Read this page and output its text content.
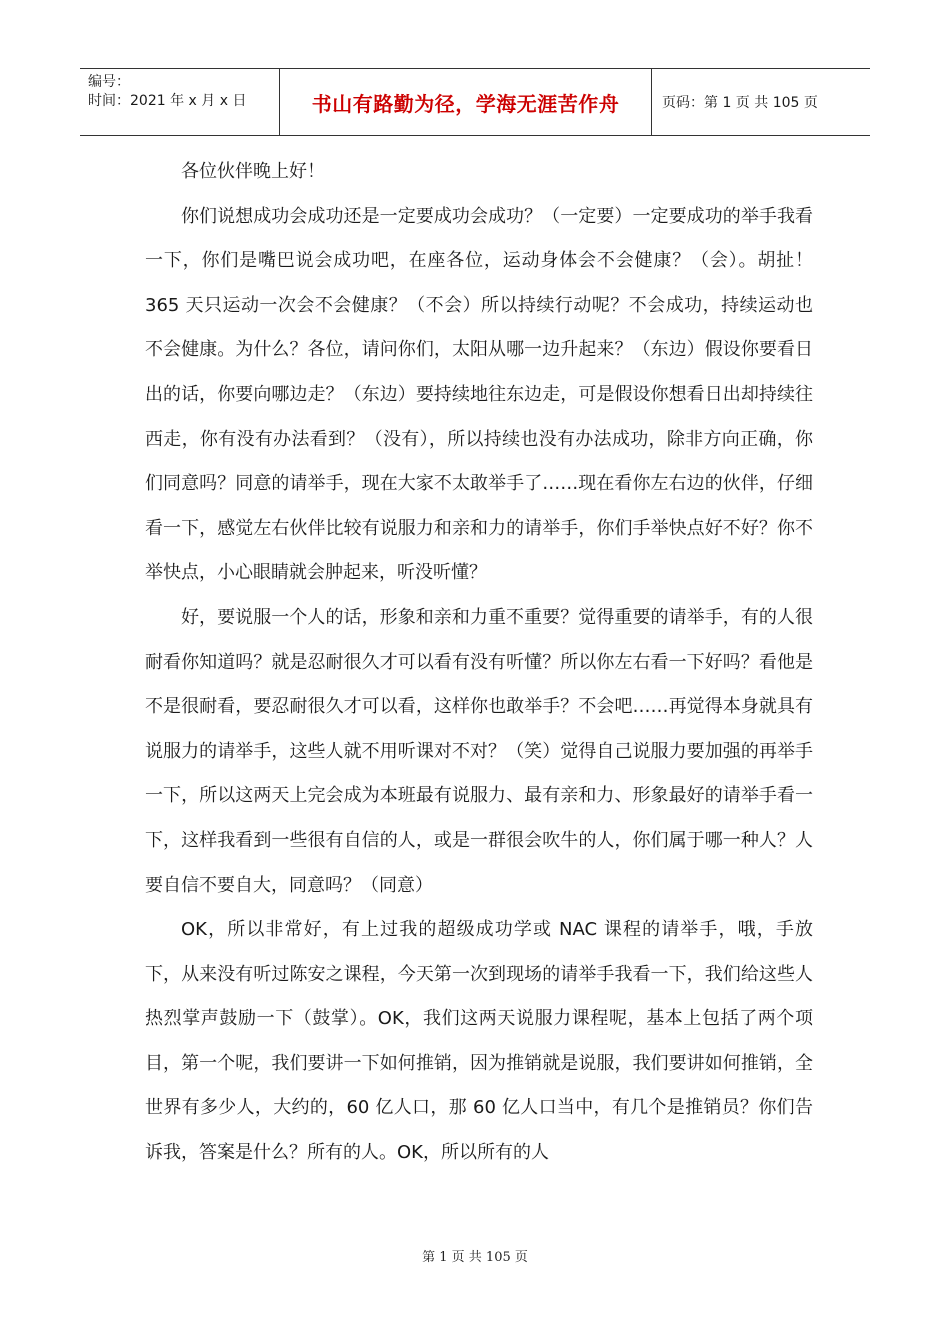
编号：
时间：2021 年 x 月 x 日	书山有路勤为径，学海无涯苦作舟	页码：第 1 页 共 105 页

各位伙伴晚上好！

你们说想成功会成功还是一定要成功会成功？（一定要）一定要成功的举手我看一下，你们是嘴巴说会成功吧，在座各位，运动身体会不会健康？（会）。胡扯！365 天只运动一次会不会健康？（不会）所以持续行动呢？不会成功，持续运动也不会健康。为什么？各位，请问你们，太阳从哪一边升起来？（东边）假设你要看日出的话，你要向哪边走？（东边）要持续地往东边走，可是假设你想看日出却持续往西走，你有没有办法看到？（没有），所以持续也没有办法成功，除非方向正确，你们同意吗？同意的请举手，现在大家不太敢举手了……现在看你左右边的伙伴，仔细看一下，感觉左右伙伴比较有说服力和亲和力的请举手，你们手举快点好不好？你不举快点，小心眼睛就会肿起来，听没听懂？

好，要说服一个人的话，形象和亲和力重不重要？觉得重要的请举手，有的人很耐看你知道吗？就是忍耐很久才可以看有没有听懂？所以你左右看一下好吗？看他是不是很耐看，要忍耐很久才可以看，这样你也敢举手？不会吧……再觉得本身就具有说服力的请举手，这些人就不用听课对不对？（笑）觉得自己说服力要加强的再举手一下，所以这两天上完会成为本班最有说服力、最有亲和力、形象最好的请举手看一下，这样我看到一些很有自信的人，或是一群很会吹牛的人，你们属于哪一种人？人要自信不要自大，同意吗？（同意）

OK，所以非常好，有上过我的超级成功学或 NAC 课程的请举手，哦，手放下，从来没有听过陈安之课程，今天第一次到现场的请举手我看一下，我们给这些人热烈掌声鼓励一下（鼓掌）。OK，我们这两天说服力课程呢，基本上包括了两个项目，第一个呢，我们要讲一下如何推销，因为推销就是说服，我们要讲如何推销，全世界有多少人，大约的，60 亿人口，那 60 亿人口当中，有几个是推销员？你们告诉我，答案是什么？所有的人。OK，所以所有的人

第 1 页 共 105 页
